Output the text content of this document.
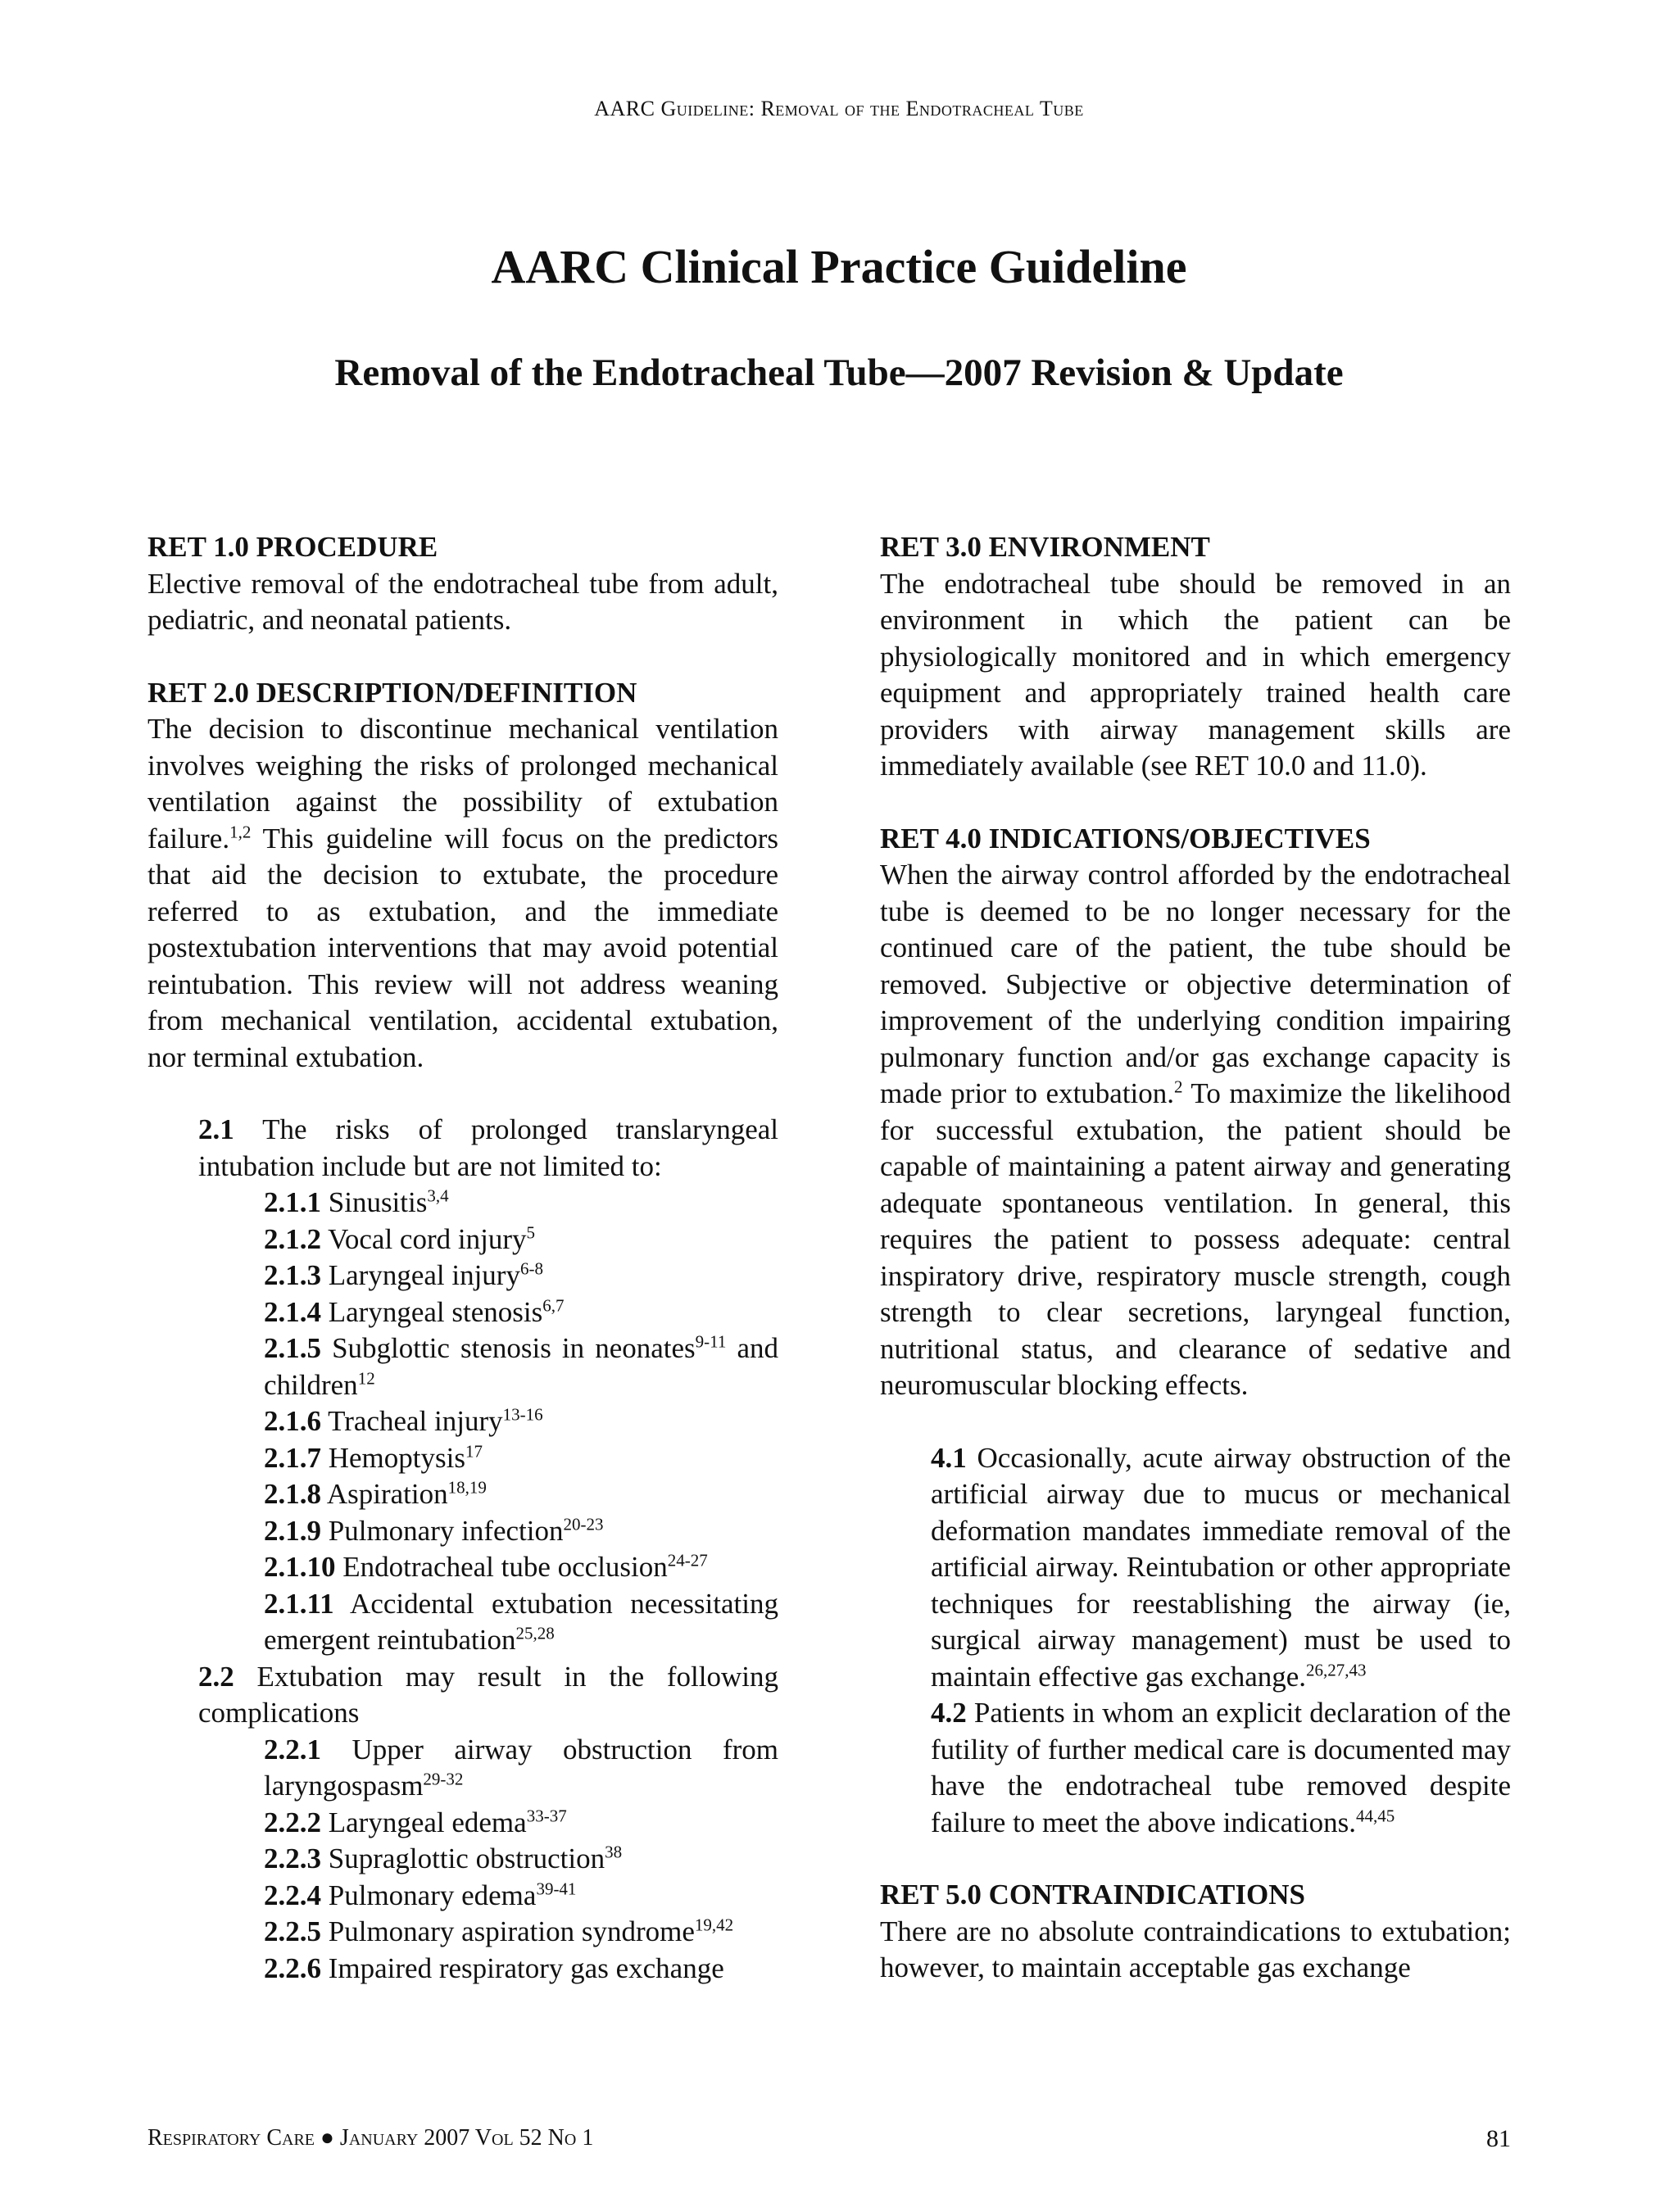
AARC Guideline: Removal of the Endotracheal Tube
AARC Clinical Practice Guideline
Removal of the Endotracheal Tube—2007 Revision & Update

RET 1.0 PROCEDURE

Elective removal of the endotracheal tube from adult, pediatric, and neonatal patients.

RET 2.0 DESCRIPTION/DEFINITION

The decision to discontinue mechanical ventilation involves weighing the risks of prolonged mechanical ventilation against the possibility of extubation failure.$^{1,2}$ This guideline will focus on the predictors that aid the decision to extubate, the procedure referred to as extubation, and the immediate postextubation interventions that may avoid potential reintubation. This review will not address weaning from mechanical ventilation, accidental extubation, nor terminal extubation.

2.1 The risks of prolonged translaryngeal intubation include but are not limited to:

2.1.1 Sinusitis$^{3,4}$

2.1.2 Vocal cord injury$^5$

2.1.3 Laryngeal injury$^{6-8}$

2.1.4 Laryngeal stenosis$^{6,7}$

2.1.5 Subglottic stenosis in neonates$^{9-11}$ and children$^{12}$

2.1.6 Tracheal injury$^{13-16}$

2.1.7 Hemoptysis$^{17}$

2.1.8 Aspiration$^{18,19}$

2.1.9 Pulmonary infection$^{20-23}$

2.1.10 Endotracheal tube occlusion$^{24-27}$

2.1.11 Accidental extubation necessitating emergent reintubation$^{25,28}$

2.2 Extubation may result in the following complications

2.2.1 Upper airway obstruction from laryngospasm$^{29-32}$

2.2.2 Laryngeal edema$^{33-37}$

2.2.3 Supraglottic obstruction$^{38}$

2.2.4 Pulmonary edema$^{39-41}$

2.2.5 Pulmonary aspiration syndrome$^{19,42}$

2.2.6 Impaired respiratory gas exchange

RET 3.0 ENVIRONMENT

The endotracheal tube should be removed in an environment in which the patient can be physiologically monitored and in which emergency equipment and appropriately trained health care providers with airway management skills are immediately available (see RET 10.0 and 11.0).

RET 4.0 INDICATIONS/OBJECTIVES

When the airway control afforded by the endotracheal tube is deemed to be no longer necessary for the continued care of the patient, the tube should be removed. Subjective or objective determination of improvement of the underlying condition impairing pulmonary function and/or gas exchange capacity is made prior to extubation.$^2$ To maximize the likelihood for successful extubation, the patient should be capable of maintaining a patent airway and generating adequate spontaneous ventilation. In general, this requires the patient to possess adequate: central inspiratory drive, respiratory muscle strength, cough strength to clear secretions, laryngeal function, nutritional status, and clearance of sedative and neuromuscular blocking effects.

4.1 Occasionally, acute airway obstruction of the artificial airway due to mucus or mechanical deformation mandates immediate removal of the artificial airway. Reintubation or other appropriate techniques for reestablishing the airway (ie, surgical airway management) must be used to maintain effective gas exchange.$^{26,27,43}$

4.2 Patients in whom an explicit declaration of the futility of further medical care is documented may have the endotracheal tube removed despite failure to meet the above indications.$^{44,45}$

RET 5.0 CONTRAINDICATIONS

There are no absolute contraindications to extubation; however, to maintain acceptable gas exchange

Respiratory Care ● January 2007 Vol 52 No 1	81
